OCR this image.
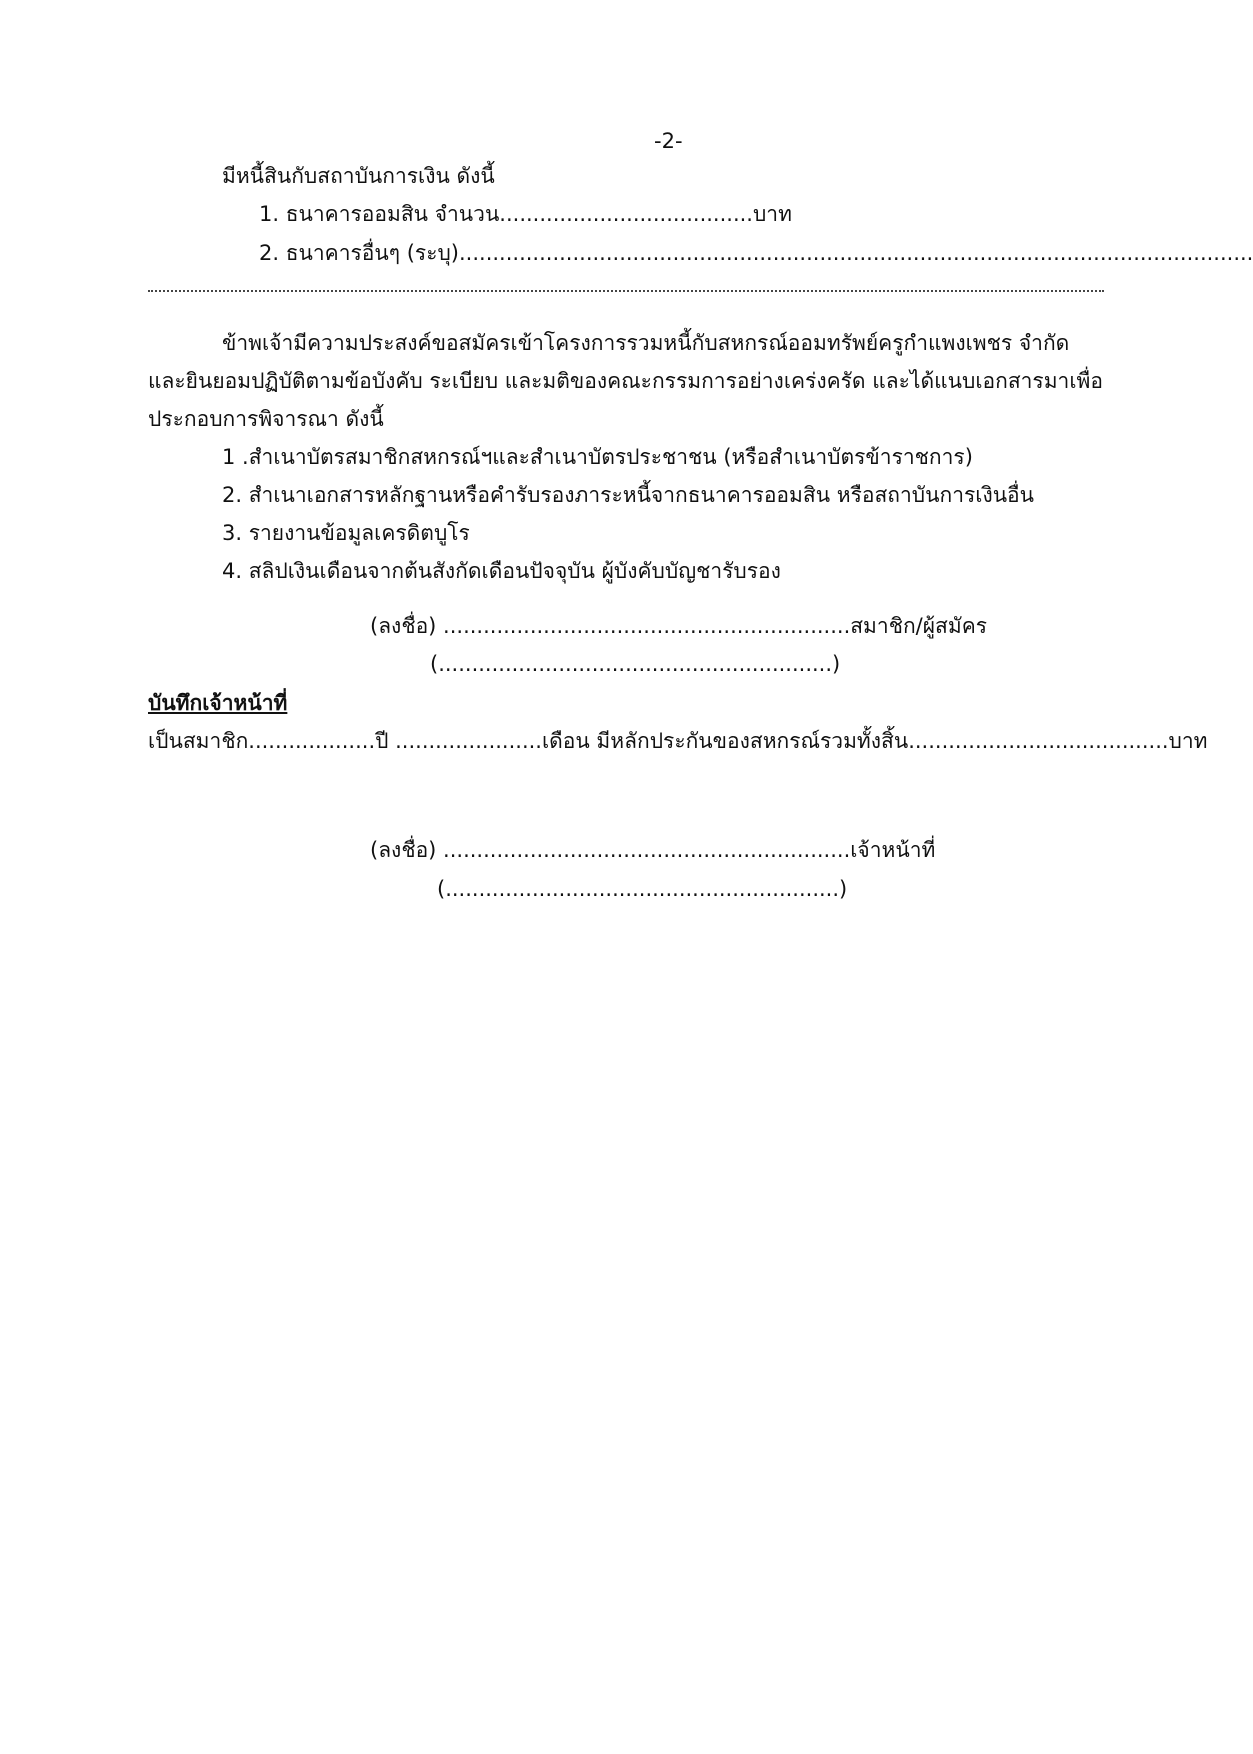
-2-
มีหนี้สินกับสถาบันการเงิน ดังนี้
1. ธนาคารออมสิน จำนวน......................................บาท
2. ธนาคารอื่นๆ (ระบุ).......................................................................................................................
ข้าพเจ้ามีความประสงค์ขอสมัครเข้าโครงการรวมหนี้กับสหกรณ์ออมทรัพย์ครูกำแพงเพชร จำกัด
และยินยอมปฏิบัติตามข้อบังคับ ระเบียบ และมติของคณะกรรมการอย่างเคร่งครัด และได้แนบเอกสารมาเพื่อ
ประกอบการพิจารณา ดังนี้
1 .สำเนาบัตรสมาชิกสหกรณ์ฯและสำเนาบัตรประชาชน (หรือสำเนาบัตรข้าราชการ)
2. สำเนาเอกสารหลักฐานหรือคำรับรองภาระหนี้จากธนาคารออมสิน หรือสถาบันการเงินอื่น
3. รายงานข้อมูลเครดิตบูโร
4. สลิปเงินเดือนจากต้นสังกัดเดือนปัจจุบัน ผู้บังคับบัญชารับรอง
(ลงชื่อ) .............................................................สมาชิก/ผู้สมัคร
(...........................................................)
บันทึกเจ้าหน้าที่
เป็นสมาชิก...................ปี ......................เดือน มีหลักประกันของสหกรณ์รวมทั้งสิ้น.......................................บาท
(ลงชื่อ) .............................................................เจ้าหน้าที่
(...........................................................)
